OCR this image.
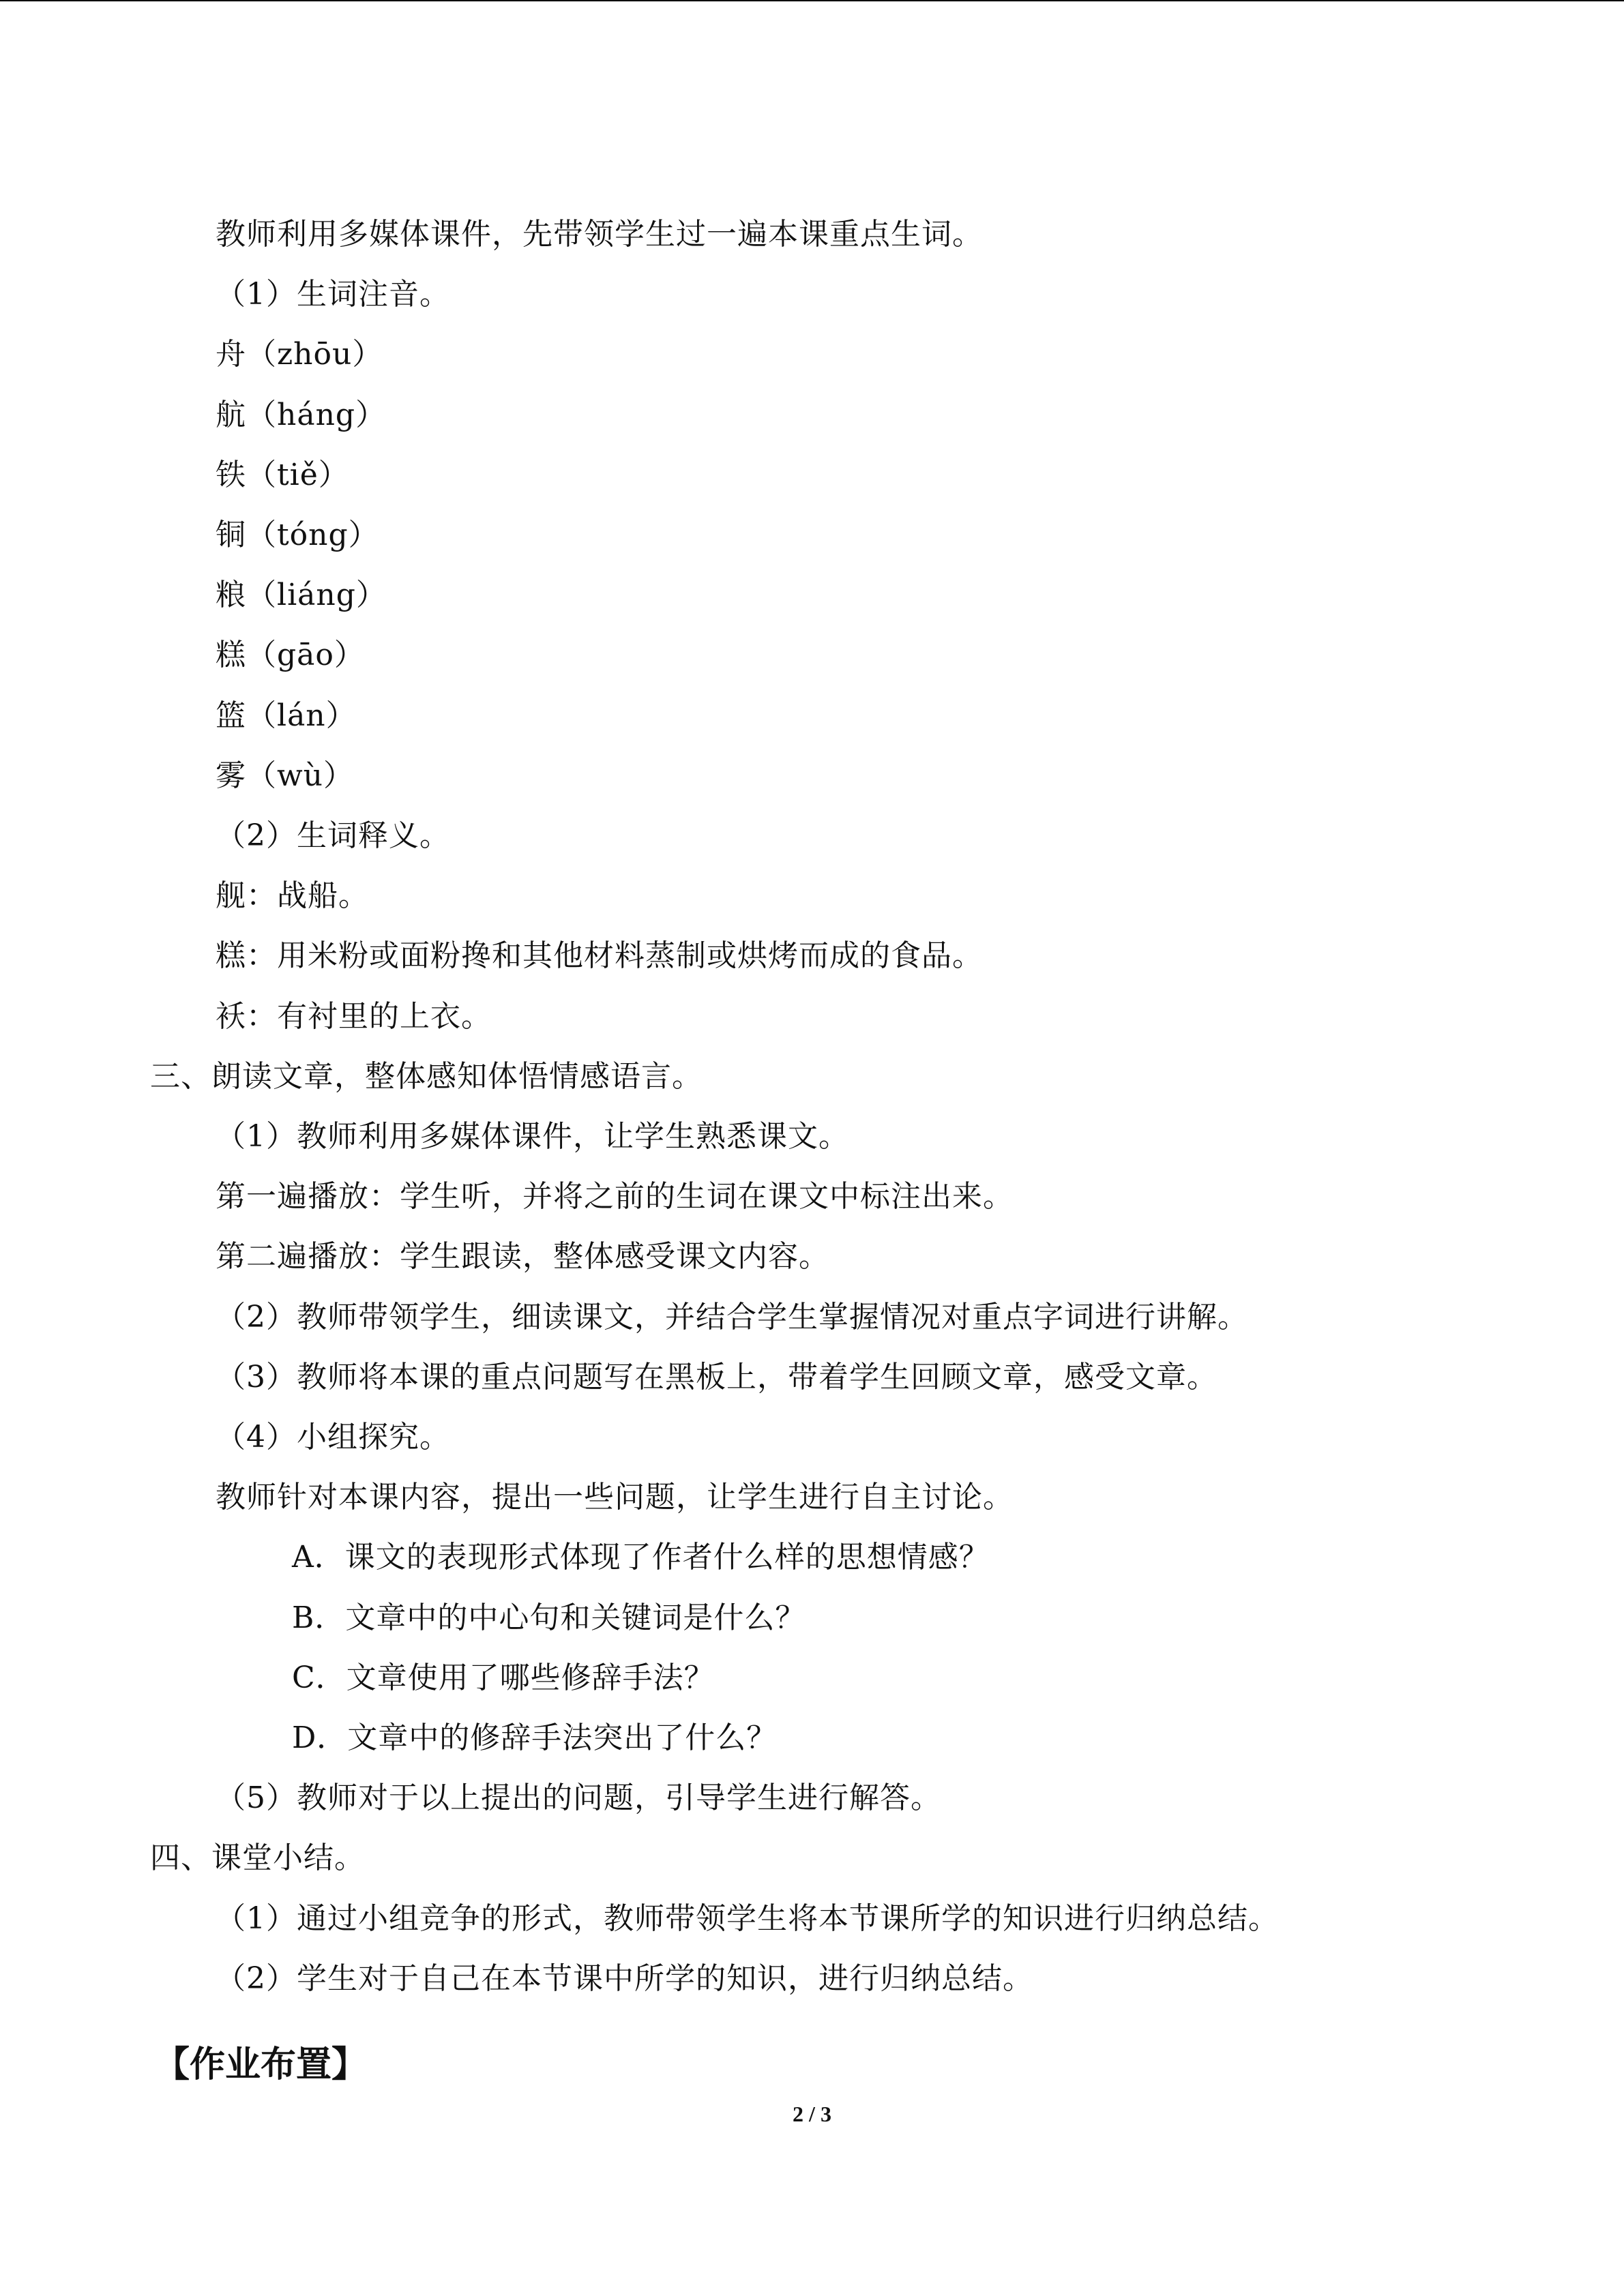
教师利用多媒体课件，先带领学生过一遍本课重点生词。
（1）生词注音。
舟（zhōu）
航（háng）
铁（tiě）
铜（tóng）
粮（liáng）
糕（gāo）
篮（lán）
雾（wù）
（2）生词释义。
舰：战船。
糕：用米粉或面粉搀和其他材料蒸制或烘烤而成的食品。
袄：有衬里的上衣。
三、朗读文章，整体感知体悟情感语言。
（1）教师利用多媒体课件，让学生熟悉课文。
第一遍播放：学生听，并将之前的生词在课文中标注出来。
第二遍播放：学生跟读，整体感受课文内容。
（2）教师带领学生，细读课文，并结合学生掌握情况对重点字词进行讲解。
（3）教师将本课的重点问题写在黑板上，带着学生回顾文章，感受文章。
（4）小组探究。
教师针对本课内容，提出一些问题，让学生进行自主讨论。
A．课文的表现形式体现了作者什么样的思想情感？
B．文章中的中心句和关键词是什么？
C．文章使用了哪些修辞手法？
D．文章中的修辞手法突出了什么？
（5）教师对于以上提出的问题，引导学生进行解答。
四、课堂小结。
（1）通过小组竞争的形式，教师带领学生将本节课所学的知识进行归纳总结。
（2）学生对于自己在本节课中所学的知识，进行归纳总结。
【作业布置】
2 / 3
